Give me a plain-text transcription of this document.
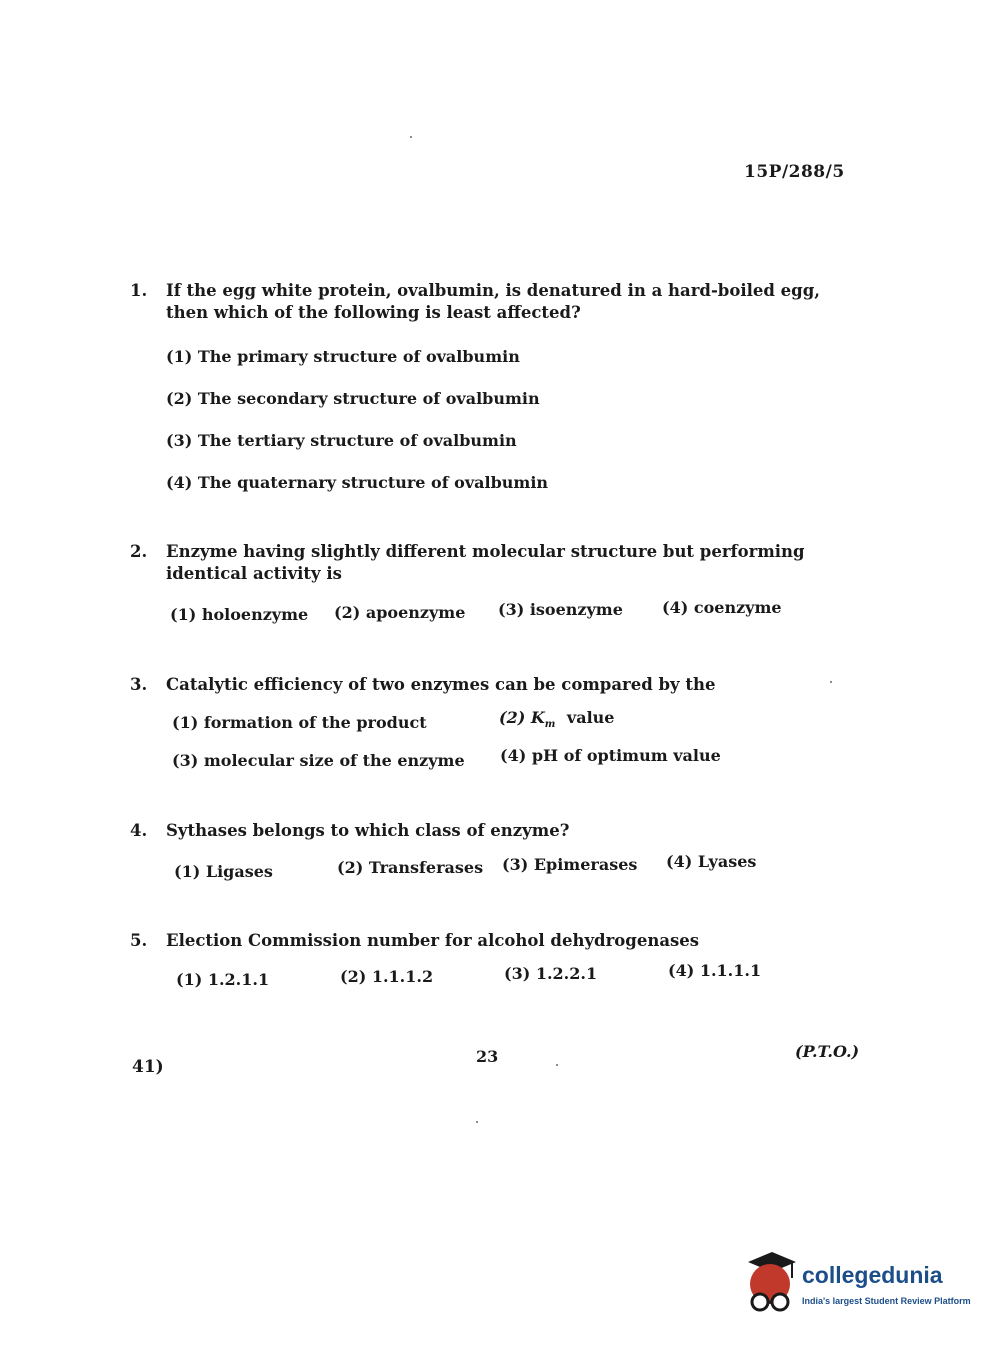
15P/288/5
1.	If the egg white protein, ovalbumin, is denatured in a hard-boiled egg, then which of the following is least affected?
(1) The primary structure of ovalbumin
(2) The secondary structure of ovalbumin
(3) The tertiary structure of ovalbumin
(4) The quaternary structure of ovalbumin
2.	Enzyme having slightly different molecular structure but performing identical activity is
(1) holoenzyme (2) apoenzyme (3) isoenzyme (4) coenzyme
3.	Catalytic efficiency of two enzymes can be compared by the
(1) formation of the product	(2) $K_m$ value
(3) molecular size of the enzyme (4) pH of optimum value
4.	Sythases belongs to which class of enzyme?
(1) Ligases	(2) Transferases (3) Epimerases (4) Lyases
5.	Election Commission number for alcohol dehydrogenases
(1) 1.2.1.1	(2) 1.1.1.2	(3) 1.2.2.1	(4) 1.1.1.1
41)
23	(P.T.O.)
collegedunia
India's largest Student Review Platform
